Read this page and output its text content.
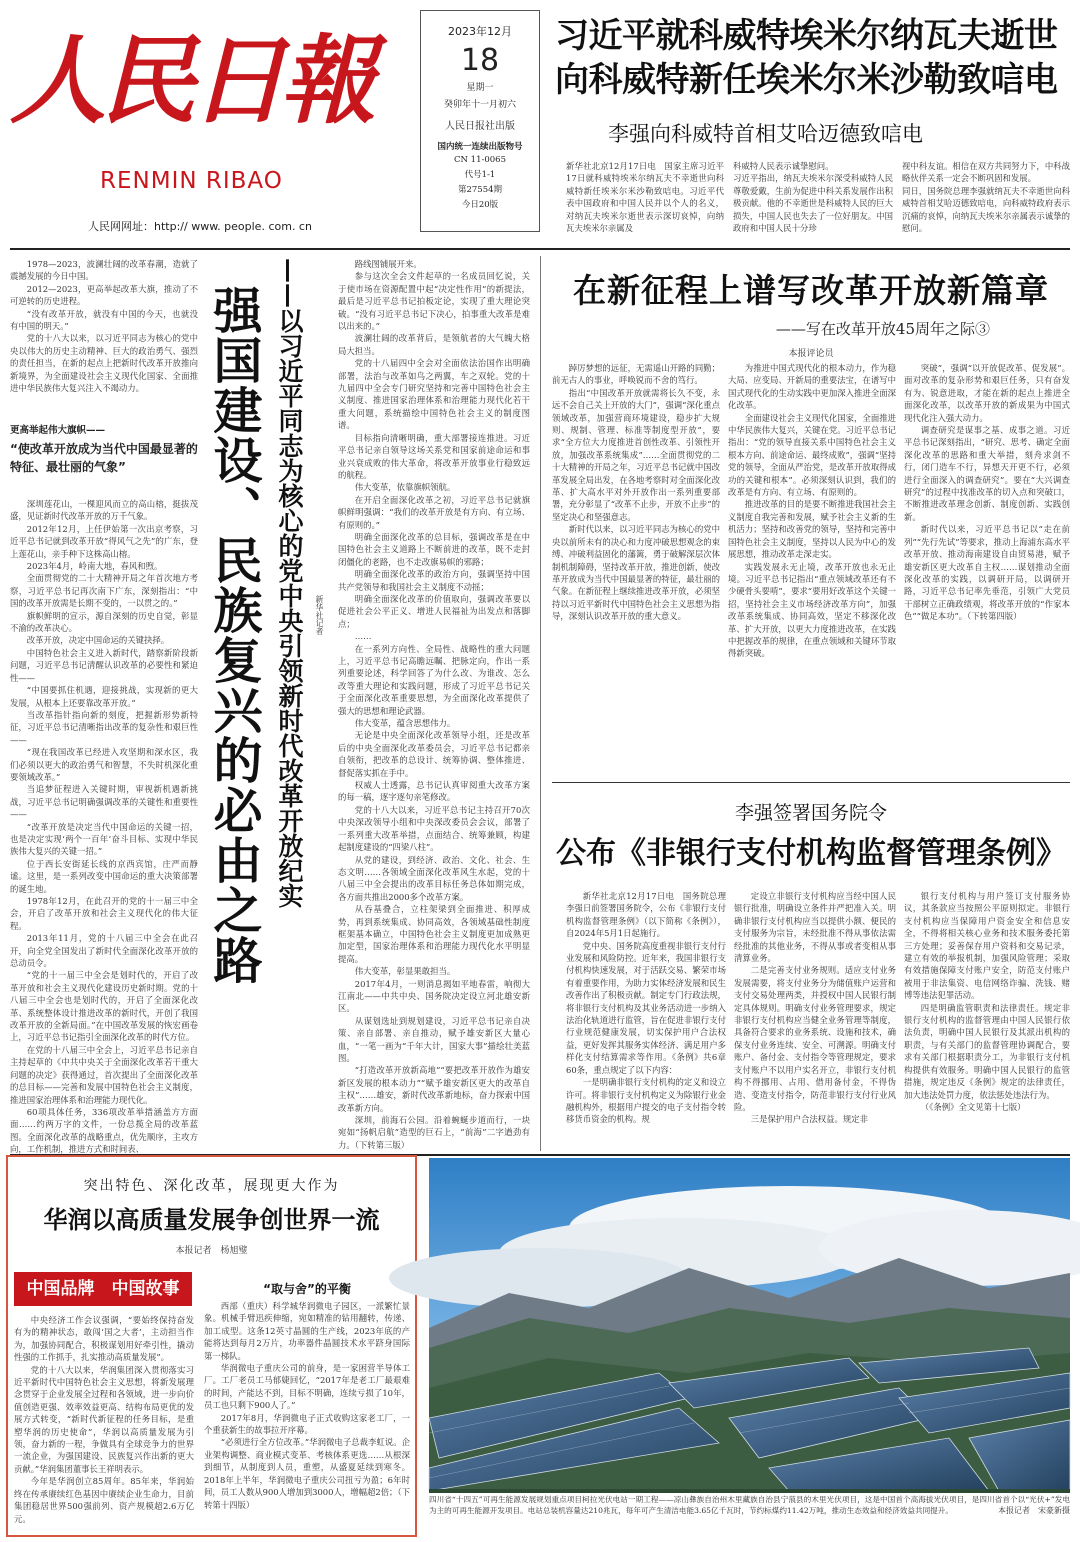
人民日報
RENMIN RIBAO
人民网网址：http:// www. people. com. cn
2023年12月
18
星期一
癸卯年十一月初六
人民日报社出版
国内统一连续出版物号
CN 11-0065
代号1-1
第27554期
今日20版
习近平就科威特埃米尔纳瓦夫逝世
向科威特新任埃米尔米沙勒致唁电
李强向科威特首相艾哈迈德致唁电
新华社北京12月17日电　国家主席习近平17日就科威特埃米尔纳瓦夫不幸逝世向科威特新任埃米尔米沙勒致唁电。习近平代表中国政府和中国人民并以个人的名义，对纳瓦夫埃米尔逝世表示深切哀悼，向纳瓦夫埃米尔亲属及
科威特人民表示诚挚慰问。
习近平指出，纳瓦夫埃米尔深受科威特人民尊敬爱戴，生前为促进中科关系发展作出积极贡献。他的不幸逝世是科威特人民的巨大损失，中国人民也失去了一位好朋友。中国政府和中国人民十分珍
视中科友谊。相信在双方共同努力下，中科战略伙伴关系一定会不断巩固和发展。
同日，国务院总理李强就纳瓦夫不幸逝世向科威特首相艾哈迈德致唁电，向科威特政府表示沉痛的哀悼，向纳瓦夫埃米尔亲属表示诚挚的慰问。

1978—2023，波澜壮阔的改革春潮，造就了震撼发展的今日中国。

2012—2023，更高举起改革大旗，推动了不可逆转的历史进程。

“没有改革开放，就没有中国的今天，也就没有中国的明天。”

党的十八大以来，以习近平同志为核心的党中央以伟大的历史主动精神、巨大的政治勇气、强烈的责任担当，在新的起点上把新时代改革开放推向新境界，为全面建设社会主义现代化国家、全面推进中华民族伟大复兴注入不竭动力。

更高举起伟大旗帜——
“使改革开放成为当代中国最显著的特征、最壮丽的气象”

深圳莲花山，一棵迎风而立的高山榕，挺拔茂盛，见证新时代改革开放的万千气象。

2012年12月，上任伊始第一次出京考察，习近平总书记就到改革开放“得风气之先”的广东，登上莲花山，亲手种下这株高山榕。

2023年4月，岭南大地，春风和煦。

全面贯彻党的二十大精神开局之年首次地方考察，习近平总书记再次南下广东，深刻指出：“中国的改革开放需是长期不变的，一以贯之的。”

旗帜鲜明的宣示，源自深刻的历史自觉，彰显不渝的改革决心。

改革开放，决定中国命运的关键抉择。

中国特色社会主义进入新时代，踏察新阶段新问题，习近平总书记清醒认识改革的必要性和紧迫性——

“中国要抓住机遇，迎接挑战，实现新的更大发展，从根本上还要靠改革开放。”

当改革指针指向新的刻度，把握新形势新特征，习近平总书记清晰指出改革的复杂性和艰巨性——

“现在我国改革已经进入攻坚期和深水区，我们必须以更大的政治勇气和智慧，不失时机深化重要领域改革。”

当追梦征程进入关键时期，审视新机遇新挑战，习近平总书记明确强调改革的关键性和重要性——

“改革开放是决定当代中国命运的关键一招，也是决定实现‘两个一百年’奋斗目标、实现中华民族伟大复兴的关键一招。”

位于西长安街延长线的京西宾馆，庄严而静谧。这里，是一系列改变中国命运的重大决策部署的诞生地。

1978年12月，在此召开的党的十一届三中全会，开启了改革开放和社会主义现代化的伟大征程。

2013年11月，党的十八届三中全会在此召开，向全党全国发出了新时代全面深化改革开放的总动员令。

“党的十一届三中全会是划时代的，开启了改革开放和社会主义现代化建设历史新时期。党的十八届三中全会也是划时代的，开启了全面深化改革、系统整体设计推进改革的新时代，开创了我国改革开放的全新局面。”在中国改革发展的恢宏画卷上，习近平总书记指引全面深化改革的时代方位。

在党的十八届三中全会上，习近平总书记亲自主持起草的《中共中央关于全面深化改革若干重大问题的决定》获得通过，首次提出了全面深化改革的总目标——完善和发展中国特色社会主义制度，推进国家治理体系和治理能力现代化。

60项具体任务，336项改革举措涵盖方方面面……约两万字的文件，一份总揽全局的改革蓝图。全面深化改革的战略重点，优先顺序，主攻方向，工作机制，推进方式和时间表、

强国建设、民族复兴的必由之路 ——以习近平同志为核心的党中央引领新时代改革开放纪实 新华社记者

路线图铺展开来。

参与这次全会文件起草的一名成员回忆说，关于使市场在资源配置中起“决定性作用”的新提法，最后是习近平总书记拍板定论，实现了重大理论突破。“没有习近平总书记下决心，拍事重大改革是难以出来的。”

波澜壮阔的改革背后，是领航者的大气魄大格局大担当。

党的十八届四中全会对全面依法治国作出明确部署，法治与改革如鸟之两翼，车之双轮。党的十九届四中全会专门研究坚持和完善中国特色社会主义制度、推进国家治理体系和治理能力现代化若干重大问题，系统描绘中国特色社会主义的制度图谱。

目标指向清晰明确，重大部署接连推进。习近平总书记亲自领导这场关系党和国家前途命运和事业兴衰成败的伟大革命，将改革开放事业行稳致远的航程。

伟大变革，依靠旗帜领航。

在开启全面深化改革之初，习近平总书记就旗帜鲜明强调：“我们的改革开放是有方向、有立场、有原则的。”

明确全面深化改革的总目标，强调改革是在中国特色社会主义道路上不断前进的改革，既不走封闭僵化的老路，也不走改旗易帜的邪路；

明确全面深化改革的政治方向，强调坚持中国共产党领导和我国社会主义制度不动摇；

明确全面深化改革的价值取向，强调改革要以促进社会公平正义、增进人民福祉为出发点和落脚点；

……

在一系列方向性、全局性、战略性的重大问题上，习近平总书记高瞻远瞩、把脉定向，作出一系列重要论述，科学回答了为什么改、为谁改、怎么改等重大理论和实践问题，形成了习近平总书记关于全面深化改革重要思想，为全面深化改革提供了强大的思想和理论武器。

伟大变革，蕴含思想伟力。

无论是中央全面深化改革领导小组，还是改革后的中央全面深化改革委员会，习近平总书记都亲自领衔，把改革的总设计、统筹协调、整体推进、督促落实抓在手中。

权威人士透露，总书记认真审阅重大改革方案的每一稿，逐字逐句亲笔修改。

党的十八大以来，习近平总书记主持召开70次中央深改领导小组和中央深改委员会会议，部署了一系列重大改革举措，点面结合、统筹兼顾，构建起制度建设的“四梁八柱”。

从党的建设，到经济、政治、文化、社会、生态文明……各领域全面深化改革风生水起，党的十八届三中全会提出的改革目标任务总体如期完成，各方面共推出2000多个改革方案。

从吞基叠合，立柱架梁到全面推进、积厚成势，再到系统集成、协同高效，各领域基础性制度框架基本确立，中国特色社会主义制度更加成熟更加定型，国家治理体系和治理能力现代化水平明显提高。

伟大变革，彰显果敢担当。

2017年4月，一则消息揭如平地春雷，响彻大江南北——中共中央、国务院决定设立河北雄安新区。

从谋划选址到规划建设，习近平总书记亲自决策、亲自部署、亲自推动，赋予雄安新区大量心血，“一笔一画为“千年大计，国家大事”描绘壮美蓝图。

“打造改革开放新高地”“要把改革开放作为雄安新区发展的根本动力”“赋予雄安新区更大的改革自主权”……雄安，新时代改革新地标，奋力探索中国改革新方向。

深圳，前海石公园。沿着蜿蜒步道而行，一块宛如“扬帆启航”造型的巨石上，“前海”二字遒劲有力。（下转第三版）

在新征程上谱写改革开放新篇章
——写在改革开放45周年之际③
本报评论员

踔厉梦想的远征，无需遥山开路的同勤；前无古人的事业，呼唤锐而不舍的笃行。

指出“中国改革开放就需将长久不变，永远不会自己关上开放的大门”，强调“深化重点领域改革，加强营商环境建设，稳步扩大规则、规制、管理、标准等制度型开放”，要求“全方位大力度推进首创性改革、引领性开放，加强改革系统集成”……全面贯彻党的二十大精神的开局之年，习近平总书记就中国改革发展全局出发，在各地考察时对全面深化改革、扩大高水平对外开放作出一系列重要部署，充分彰显了“改革不止步，开放不止步”的坚定决心和坚强意志。

新时代以来，以习近平同志为核心的党中央以前所未有的决心和力度冲破思想观念的束缚、冲破利益固化的藩篱，勇于破解深层次体制机制障碍，坚持改革开放，推进创新，使改革开放成为当代中国最显著的特征，最壮丽的气象。在新征程上继续推进改革开放，必须坚持以习近平新时代中国特色社会主义思想为指导，深刻认识改革开放的重大意义。

为推进中国式现代化的根本动力，作为稳大局、应变局、开新局的重要法宝，在谱写中国式现代化的生动实践中更加深入推进全面深化改革。

全面建设社会主义现代化国家，全面推进中华民族伟大复兴，关键在党。习近平总书记指出：“党的领导直接关系中国特色社会主义根本方向、前途命运、最终成败”，强调“坚持党的领导，全面从严治党，是改革开放取得成功的关键和根本”。必须深刻认识到，我们的改革是有方向、有立场、有原则的。

推进改革的目的是要不断推进我国社会主义制度自我完善和发展，赋予社会主义新的生机活力；坚持和改善党的领导，坚持和完善中国特色社会主义制度，坚持以人民为中心的发展思想，推动改革走深走实。

实践发展永无止境，改革开放也永无止境。习近平总书记指出“重点领域改革还有不少硬骨头要啃”，要求“要用好改革这个关键一招，坚持社会主义市场经济改革方向”，加强改革系统集成、协同高效，坚定不移深化改革、扩大开放，以更大力度推进改革，在实践中把握改革的规律，在重点领域和关键环节取得新突破。

突破”，强调“以开放促改革、促发展”。面对改革的复杂形势和艰巨任务，只有奋发有为、锐意进取，才能在新的起点上推进全面深化改革，以改革开放的新成果为中国式现代化注入强大动力。

调查研究是谋事之基、成事之道。习近平总书记深刻指出，“研究、思考、确定全面深化改革的思路和重大举措，刻舟求剑不行，闭门造车不行，异想天开更不行，必须进行全面深入的调查研究”。要在“大兴调查研究”的过程中找准改革的切入点和突破口，不断推进改革理念创新、制度创新、实践创新。

新时代以来，习近平总书记以“走在前列”“先行先试”等要求，推动上海浦东高水平改革开放、推动海南建设自由贸易港，赋予雄安新区更大改革自主权……谋划推动全面深化改革的实践，以调研开局，以调研开路，习近平总书记率先垂范，引领广大党员干部树立正确政绩观，将改革开放的“作家本色”“做足本功”。（下转第四版）

李强签署国务院令
公布《非银行支付机构监督管理条例》

新华社北京12月17日电　国务院总理李强日前签署国务院令，公布《非银行支付机构监督管理条例》（以下简称《条例》），自2024年5月1日起施行。

党中央、国务院高度重视非银行支付行业发展和风险防控。近年来，我国非银行支付机构快速发展，对于活跃交易、繁荣市场有着重要作用，为助力实体经济发展和民生改善作出了积极贡献。制定专门行政法规，将非银行支付机构及其业务活动进一步纳入法治化轨道进行监管，旨在促进非银行支付行业规范健康发展，切实保护用户合法权益，更好发挥其服务实体经济、满足用户多样化支付结算需求等作用。《条例》共6章60条，重点规定了以下内容：

一是明确非银行支付机构的定义和设立许可。将非银行支付机构定义为除银行业金融机构外，根据用户提交的电子支付指令转移货币资金的机构。规

定设立非银行支付机构应当经中国人民银行批准，明确设立条件并严把准入关。明确非银行支付机构应当以提供小额、便民的支付服务为宗旨，未经批准不得从事依法需经批准的其他业务，不得从事或者变相从事清算业务。

二是完善支付业务规则。适应支付业务发展需要，将支付业务分为储值账户运营和支付交易处理两类，并授权中国人民银行制定具体规则。明确支付业务管理要求，规定非银行支付机构应当健全业务管理等制度，具备符合要求的业务系统、设施和技术，确保支付业务连续、安全、可溯源。明确支付账户、备付金、支付指令等管理规定，要求支付账户不以用户实名开立，非银行支付机构不得挪用、占用、借用备付金，不得伪造、变造支付指令，防范非银行支付行业风险。

三是保护用户合法权益。规定非

银行支付机构与用户签订支付服务协议，其条款应当按照公平原则拟定。非银行支付机构应当保障用户资金安全和信息安全，不得将相关核心业务和技术服务委托第三方处理；妥善保存用户资料和交易记录，建立有效的举报机制，加强风险管理；采取有效措施保障支付账户安全，防范支付账户被用于非法集资、电信网络诈骗、洗钱、赌博等违法犯罪活动。

四是明确监管职责和法律责任。规定非银行支付机构的监督管理由中国人民银行依法负责，明确中国人民银行及其派出机构的职责，与有关部门的监督管理协调配合，要求有关部门根据职责分工，为非银行支付机构提供有效服务。明确中国人民银行的监管措施，规定违反《条例》规定的法律责任，加大违法处罚力度，依法惩处违法行为。

（《条例》全文见第十七版）

突出特色、深化改革，展现更大作为
华润以高质量发展争创世界一流
本报记者　杨旭璧
中国品牌　中国故事

中央经济工作会议强调，“要始终保持奋发有为的精神状态，敢闯‘国之大者’，主动担当作为，加强协同配合，积极谋划用好牵引性，撬动性强的工作抓手，扎实推动高质量发展”。

党的十八大以来，华润集团深入贯彻落实习近平新时代中国特色社会主义思想，将新发展理念贯穿于企业发展全过程和各领域，进一步向价值创造更强、效率效益更高、结构布局更优的发展方式转变，“新时代新征程的任务目标，是重塑华润的历史使命”，华润以高质量发展为引领，奋力新的一程，争做具有全球竞争力的世界一流企业，为强国建设、民族复兴作出新的更大贡献。”华润集团董事长王祥明表示。

今年是华润创立85周年。85年来，华润始终在传承赓续红色基因中赓续企业生命力，目前集团稳居世界500强前列、资产规模超2.6万亿元。

“取与舍”的平衡

西部（重庆）科学城华润微电子园区，一派繁忙景象。机械手臂迅疾伸缩，宛如精准的钻用翻转，传递、加工成型。这条12英寸晶圆的生产线，2023年底的产能将达到每月2万片，功率器件晶圆技术水平跻身国际第一梯队。

华润微电子重庆公司的前身，是一家困营半导体工厂。工厂老员工马郁婕回忆，“2017年是老工厂最艰难的时间，产能达不到，目标不明确，连续亏损了10年，员工也只剩下900人了。”

2017年8月，华润微电子正式收购这家老工厂，一个重获新生的故事拉开序幕。

“必须进行全方位改革。”华润微电子总裁李虹说。企业架构调整、商业模式变革、考核体系更选……从根深到细节，从制度到人员，重塑，从盛夏延续到寒冬。2018年上半年，华润微电子重庆公司扭亏为盈；6年时间，员工人数从900人增加到3000人，增幅超2倍；（下转第十四版）	四川省“十四五”可再生能源发展规划重点项目柯拉光伏电站一期工程——凉山彝族自治州木里藏族自治县宁蒗县的木里光伏项目，这是中国首个高海拔光伏项目，是四川省首个以“光伏+”发电为主的可再生能源开发项目。电站总装机容量达210兆瓦，每年可产生清洁电能3.65亿千瓦时，节约标煤约11.42万吨，推动生态效益和经济效益共同提升。	本报记者　宋豪新摄
